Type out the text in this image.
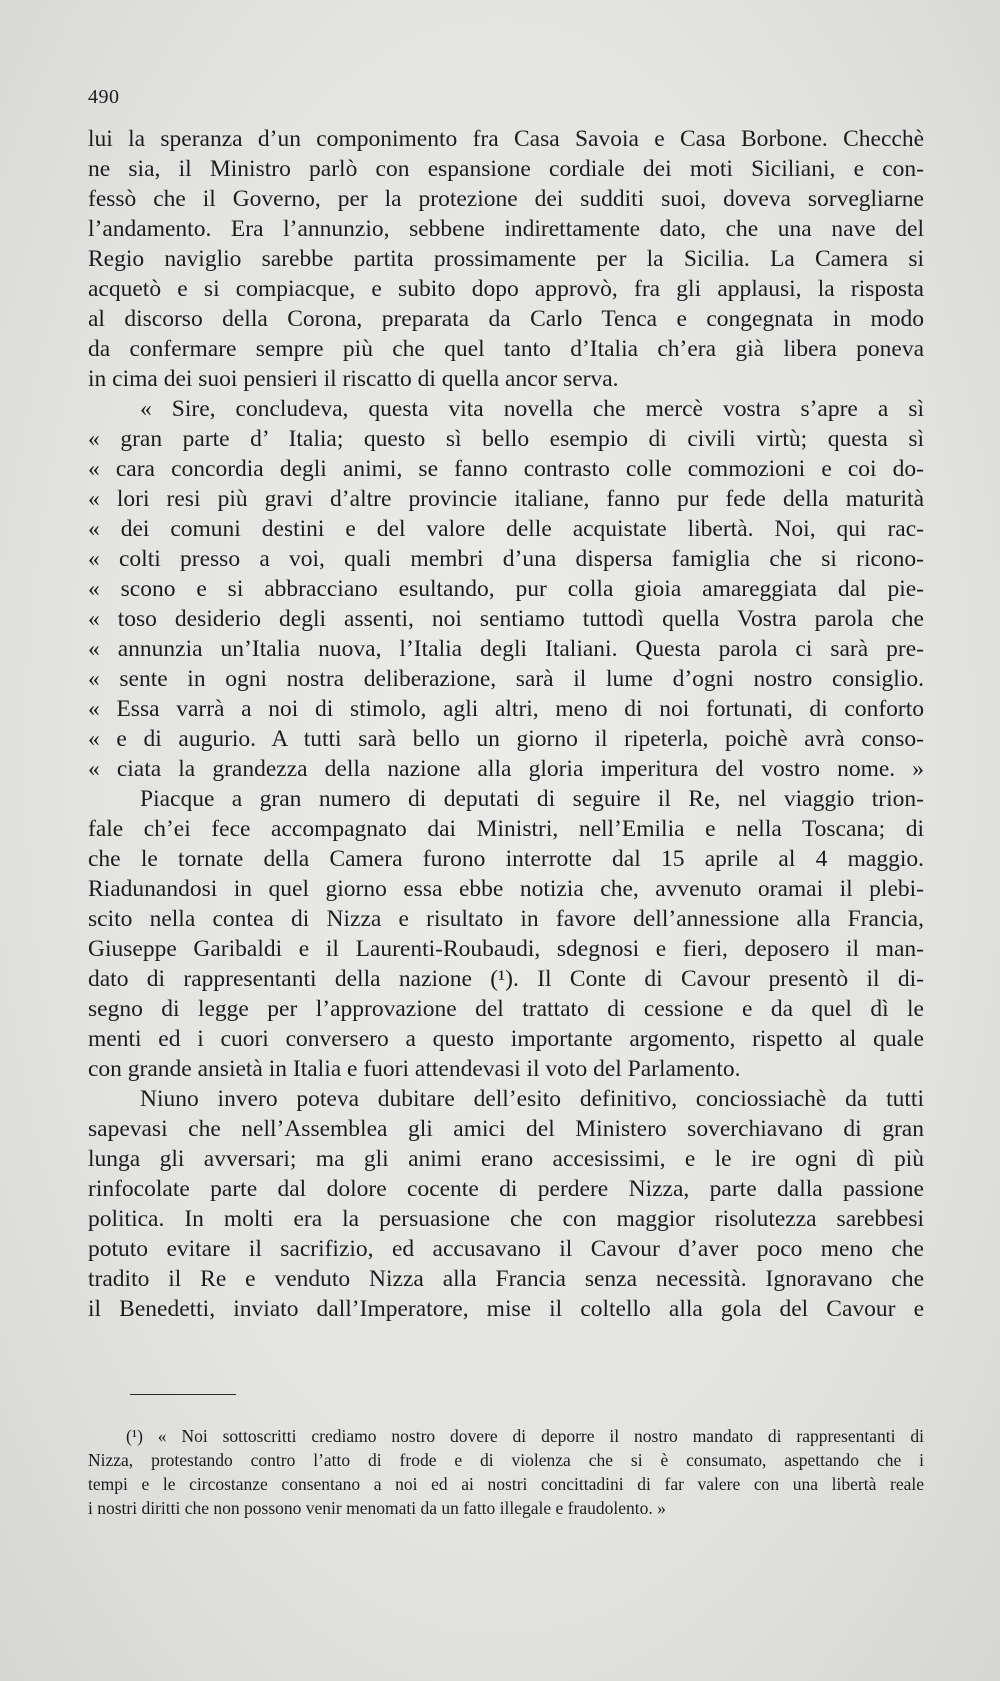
490
lui la speranza d’un componimento fra Casa Savoia e Casa Borbone. Checchè
ne sia, il Ministro parlò con espansione cordiale dei moti Siciliani, e con-
fessò che il Governo, per la protezione dei sudditi suoi, doveva sorvegliarne
l’andamento. Era l’annunzio, sebbene indirettamente dato, che una nave del
Regio naviglio sarebbe partita prossimamente per la Sicilia. La Camera si
acquetò e si compiacque, e subito dopo approvò, fra gli applausi, la risposta
al discorso della Corona, preparata da Carlo Tenca e congegnata in modo
da confermare sempre più che quel tanto d’Italia ch’era già libera poneva
in cima dei suoi pensieri il riscatto di quella ancor serva.
« Sire, concludeva, questa vita novella che mercè vostra s’apre a sì
« gran parte d’ Italia; questo sì bello esempio di civili virtù; questa sì
« cara concordia degli animi, se fanno contrasto colle commozioni e coi do-
« lori resi più gravi d’altre provincie italiane, fanno pur fede della maturità
« dei comuni destini e del valore delle acquistate libertà. Noi, qui rac-
« colti presso a voi, quali membri d’una dispersa famiglia che si ricono-
« scono e si abbracciano esultando, pur colla gioia amareggiata dal pie-
« toso desiderio degli assenti, noi sentiamo tuttodì quella Vostra parola che
« annunzia un’Italia nuova, l’Italia degli Italiani. Questa parola ci sarà pre-
« sente in ogni nostra deliberazione, sarà il lume d’ogni nostro consiglio.
« Essa varrà a noi di stimolo, agli altri, meno di noi fortunati, di conforto
« e di augurio. A tutti sarà bello un giorno il ripeterla, poichè avrà conso-
« ciata la grandezza della nazione alla gloria imperitura del vostro nome. »
Piacque a gran numero di deputati di seguire il Re, nel viaggio trion-
fale ch’ei fece accompagnato dai Ministri, nell’Emilia e nella Toscana; di
che le tornate della Camera furono interrotte dal 15 aprile al 4 maggio.
Riadunandosi in quel giorno essa ebbe notizia che, avvenuto oramai il plebi-
scito nella contea di Nizza e risultato in favore dell’annessione alla Francia,
Giuseppe Garibaldi e il Laurenti-Roubaudi, sdegnosi e fieri, deposero il man-
dato di rappresentanti della nazione (¹). Il Conte di Cavour presentò il di-
segno di legge per l’approvazione del trattato di cessione e da quel dì le
menti ed i cuori conversero a questo importante argomento, rispetto al quale
con grande ansietà in Italia e fuori attendevasi il voto del Parlamento.
Niuno invero poteva dubitare dell’esito definitivo, conciossiachè da tutti
sapevasi che nell’Assemblea gli amici del Ministero soverchiavano di gran
lunga gli avversari; ma gli animi erano accesissimi, e le ire ogni dì più
rinfocolate parte dal dolore cocente di perdere Nizza, parte dalla passione
politica. In molti era la persuasione che con maggior risolutezza sarebbesi
potuto evitare il sacrifizio, ed accusavano il Cavour d’aver poco meno che
tradito il Re e venduto Nizza alla Francia senza necessità. Ignoravano che
il Benedetti, inviato dall’Imperatore, mise il coltello alla gola del Cavour e
(¹) « Noi sottoscritti crediamo nostro dovere di deporre il nostro mandato di rappresentanti di
Nizza, protestando contro l’atto di frode e di violenza che si è consumato, aspettando che i
tempi e le circostanze consentano a noi ed ai nostri concittadini di far valere con una libertà reale
i nostri diritti che non possono venir menomati da un fatto illegale e fraudolento. »
